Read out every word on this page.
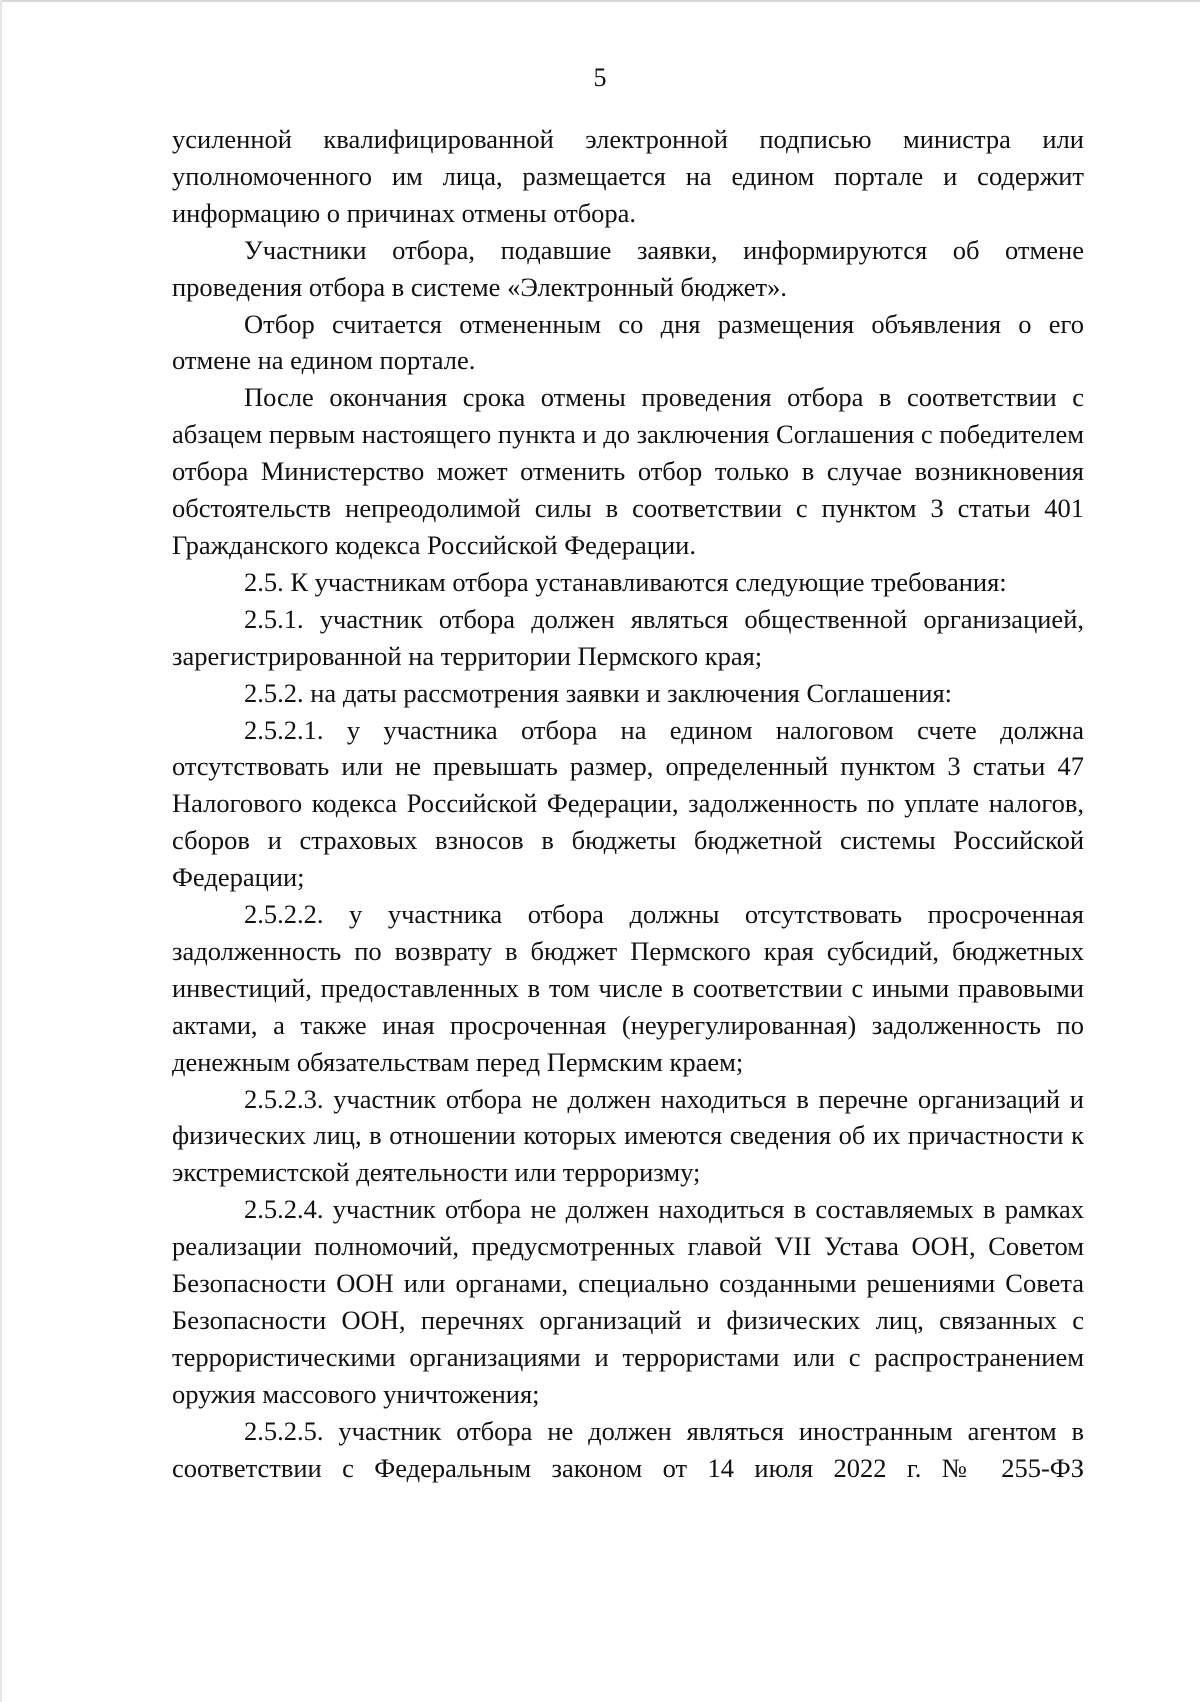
5

усиленной квалифицированной электронной подписью министра или уполномоченного им лица, размещается на едином портале и содержит информацию о причинах отмены отбора.

Участники отбора, подавшие заявки, информируются об отмене проведения отбора в системе «Электронный бюджет».

Отбор считается отмененным со дня размещения объявления о его отмене на едином портале.

После окончания срока отмены проведения отбора в соответствии с абзацем первым настоящего пункта и до заключения Соглашения с победителем отбора Министерство может отменить отбор только в случае возникновения обстоятельств непреодолимой силы в соответствии с пунктом 3 статьи 401 Гражданского кодекса Российской Федерации.

2.5. К участникам отбора устанавливаются следующие требования:

2.5.1. участник отбора должен являться общественной организацией, зарегистрированной на территории Пермского края;

2.5.2. на даты рассмотрения заявки и заключения Соглашения:

2.5.2.1. у участника отбора на едином налоговом счете должна отсутствовать или не превышать размер, определенный пунктом 3 статьи 47 Налогового кодекса Российской Федерации, задолженность по уплате налогов, сборов и страховых взносов в бюджеты бюджетной системы Российской Федерации;

2.5.2.2. у участника отбора должны отсутствовать просроченная задолженность по возврату в бюджет Пермского края субсидий, бюджетных инвестиций, предоставленных в том числе в соответствии с иными правовыми актами, а также иная просроченная (неурегулированная) задолженность по денежным обязательствам перед Пермским краем;

2.5.2.3. участник отбора не должен находиться в перечне организаций и физических лиц, в отношении которых имеются сведения об их причастности к экстремистской деятельности или терроризму;

2.5.2.4. участник отбора не должен находиться в составляемых в рамках реализации полномочий, предусмотренных главой VII Устава ООН, Советом Безопасности ООН или органами, специально созданными решениями Совета Безопасности ООН, перечнях организаций и физических лиц, связанных с террористическими организациями и террористами или с распространением оружия массового уничтожения;

2.5.2.5. участник отбора не должен являться иностранным агентом в соответствии с Федеральным законом от 14 июля 2022 г. № 255-ФЗ
